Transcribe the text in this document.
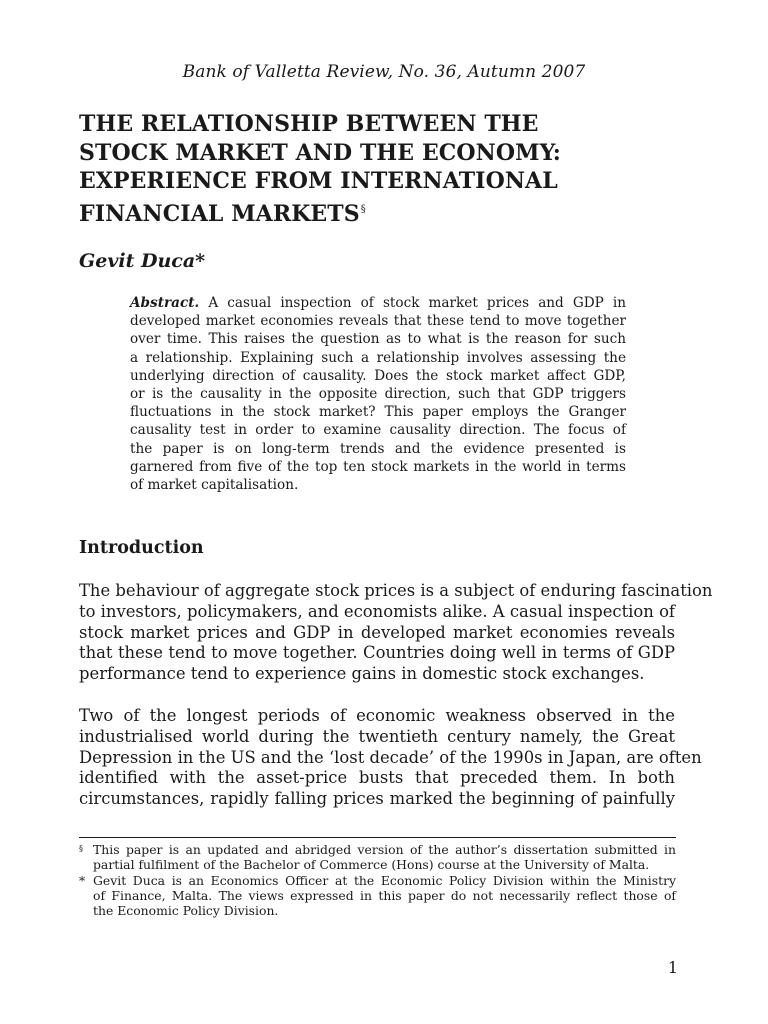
Bank of Valletta Review, No. 36, Autumn 2007
THE RELATIONSHIP BETWEEN THE
STOCK MARKET AND THE ECONOMY:
EXPERIENCE FROM INTERNATIONAL
FINANCIAL MARKETS§
Gevit Duca*
Abstract. A casual inspection of stock market prices and GDP in
developed market economies reveals that these tend to move together
over time. This raises the question as to what is the reason for such
a relationship. Explaining such a relationship involves assessing the
underlying direction of causality. Does the stock market affect GDP,
or is the causality in the opposite direction, such that GDP triggers
fluctuations in the stock market? This paper employs the Granger
causality test in order to examine causality direction. The focus of
the paper is on long-term trends and the evidence presented is
garnered from five of the top ten stock markets in the world in terms
of market capitalisation.
Introduction
The behaviour of aggregate stock prices is a subject of enduring fascination
to investors, policymakers, and economists alike. A casual inspection of
stock market prices and GDP in developed market economies reveals
that these tend to move together. Countries doing well in terms of GDP
performance tend to experience gains in domestic stock exchanges.
Two of the longest periods of economic weakness observed in the
industrialised world during the twentieth century namely, the Great
Depression in the US and the ‘lost decade’ of the 1990s in Japan, are often
identified with the asset-price busts that preceded them. In both
circumstances, rapidly falling prices marked the beginning of painfully
§ This paper is an updated and abridged version of the author’s dissertation submitted in
partial fulfilment of the Bachelor of Commerce (Hons) course at the University of Malta.
* Gevit Duca is an Economics Officer at the Economic Policy Division within the Ministry
of Finance, Malta. The views expressed in this paper do not necessarily reflect those of
the Economic Policy Division.
1
